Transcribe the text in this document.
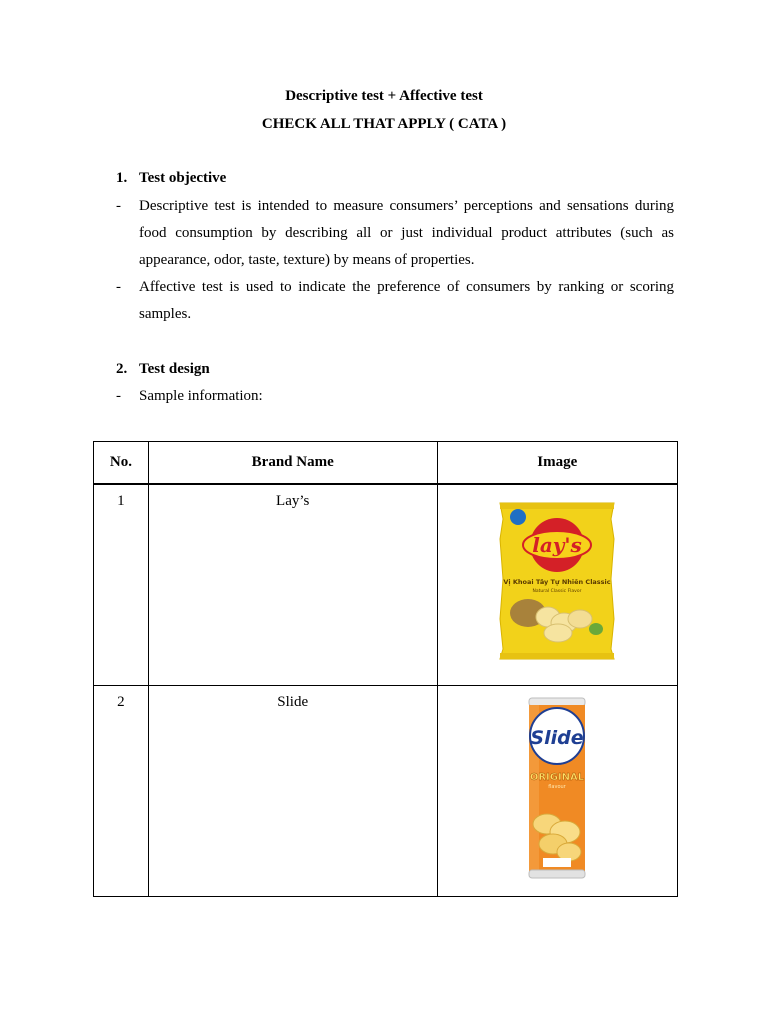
Descriptive test + Affective test
CHECK ALL THAT APPLY ( CATA )
1. Test objective
- Descriptive test is intended to measure consumers’ perceptions and sensations during food consumption by describing all or just individual product attributes (such as appearance, odor, taste, texture) by means of properties.
- Affective test is used to indicate the preference of consumers by ranking or scoring samples.
2. Test design
- Sample information:
No.	Brand Name	Image

1	Lay’s	lay's
Vị Khoai Tây Tự Nhiên Classic
Natural Classic Flavor

2	Slide	Slide
ORIGINAL
flavour
